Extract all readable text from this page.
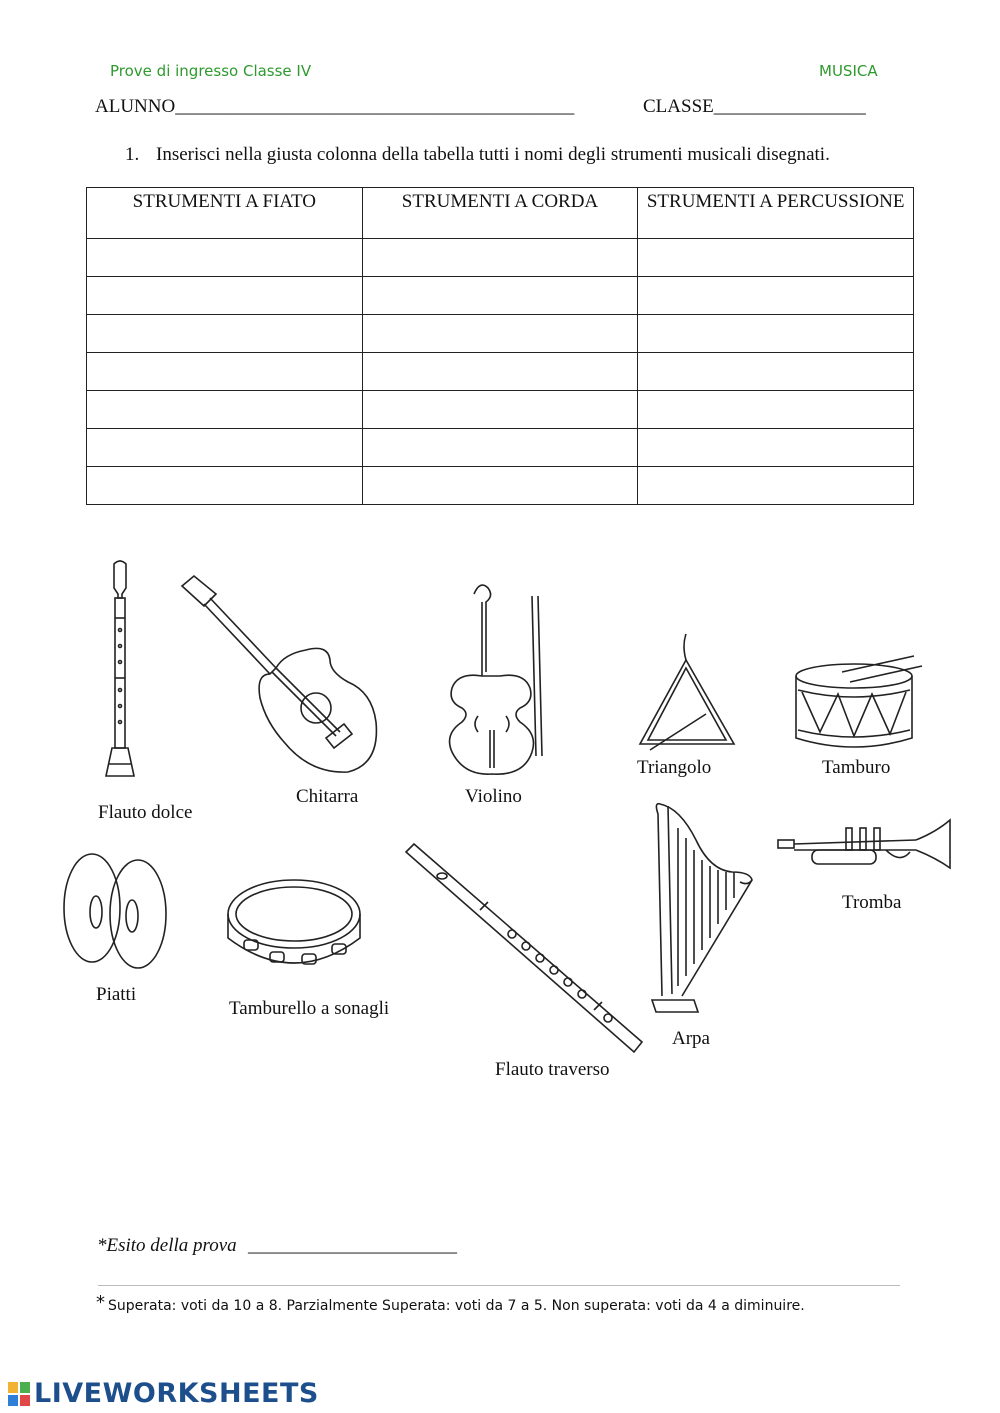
Prove di ingresso Classe IV	MUSICA
ALUNNO__________________________________________	CLASSE________________
1. Inserisci nella giusta colonna della tabella tutti i nomi degli strumenti musicali disegnati.
STRUMENTI A FIATO	STRUMENTI A CORDA	STRUMENTI A PERCUSSIONE

Flauto dolce
Chitarra	Violino
Triangolo	Tamburo
Piatti
Tamburello a sonagli
Flauto traverso
Arpa
Tromba
*Esito della prova ______________________
* Superata: voti da 10 a 8. Parzialmente Superata: voti da 7 a 5. Non superata: voti da 4 a diminuire.
LIVEWORKSHEETS
